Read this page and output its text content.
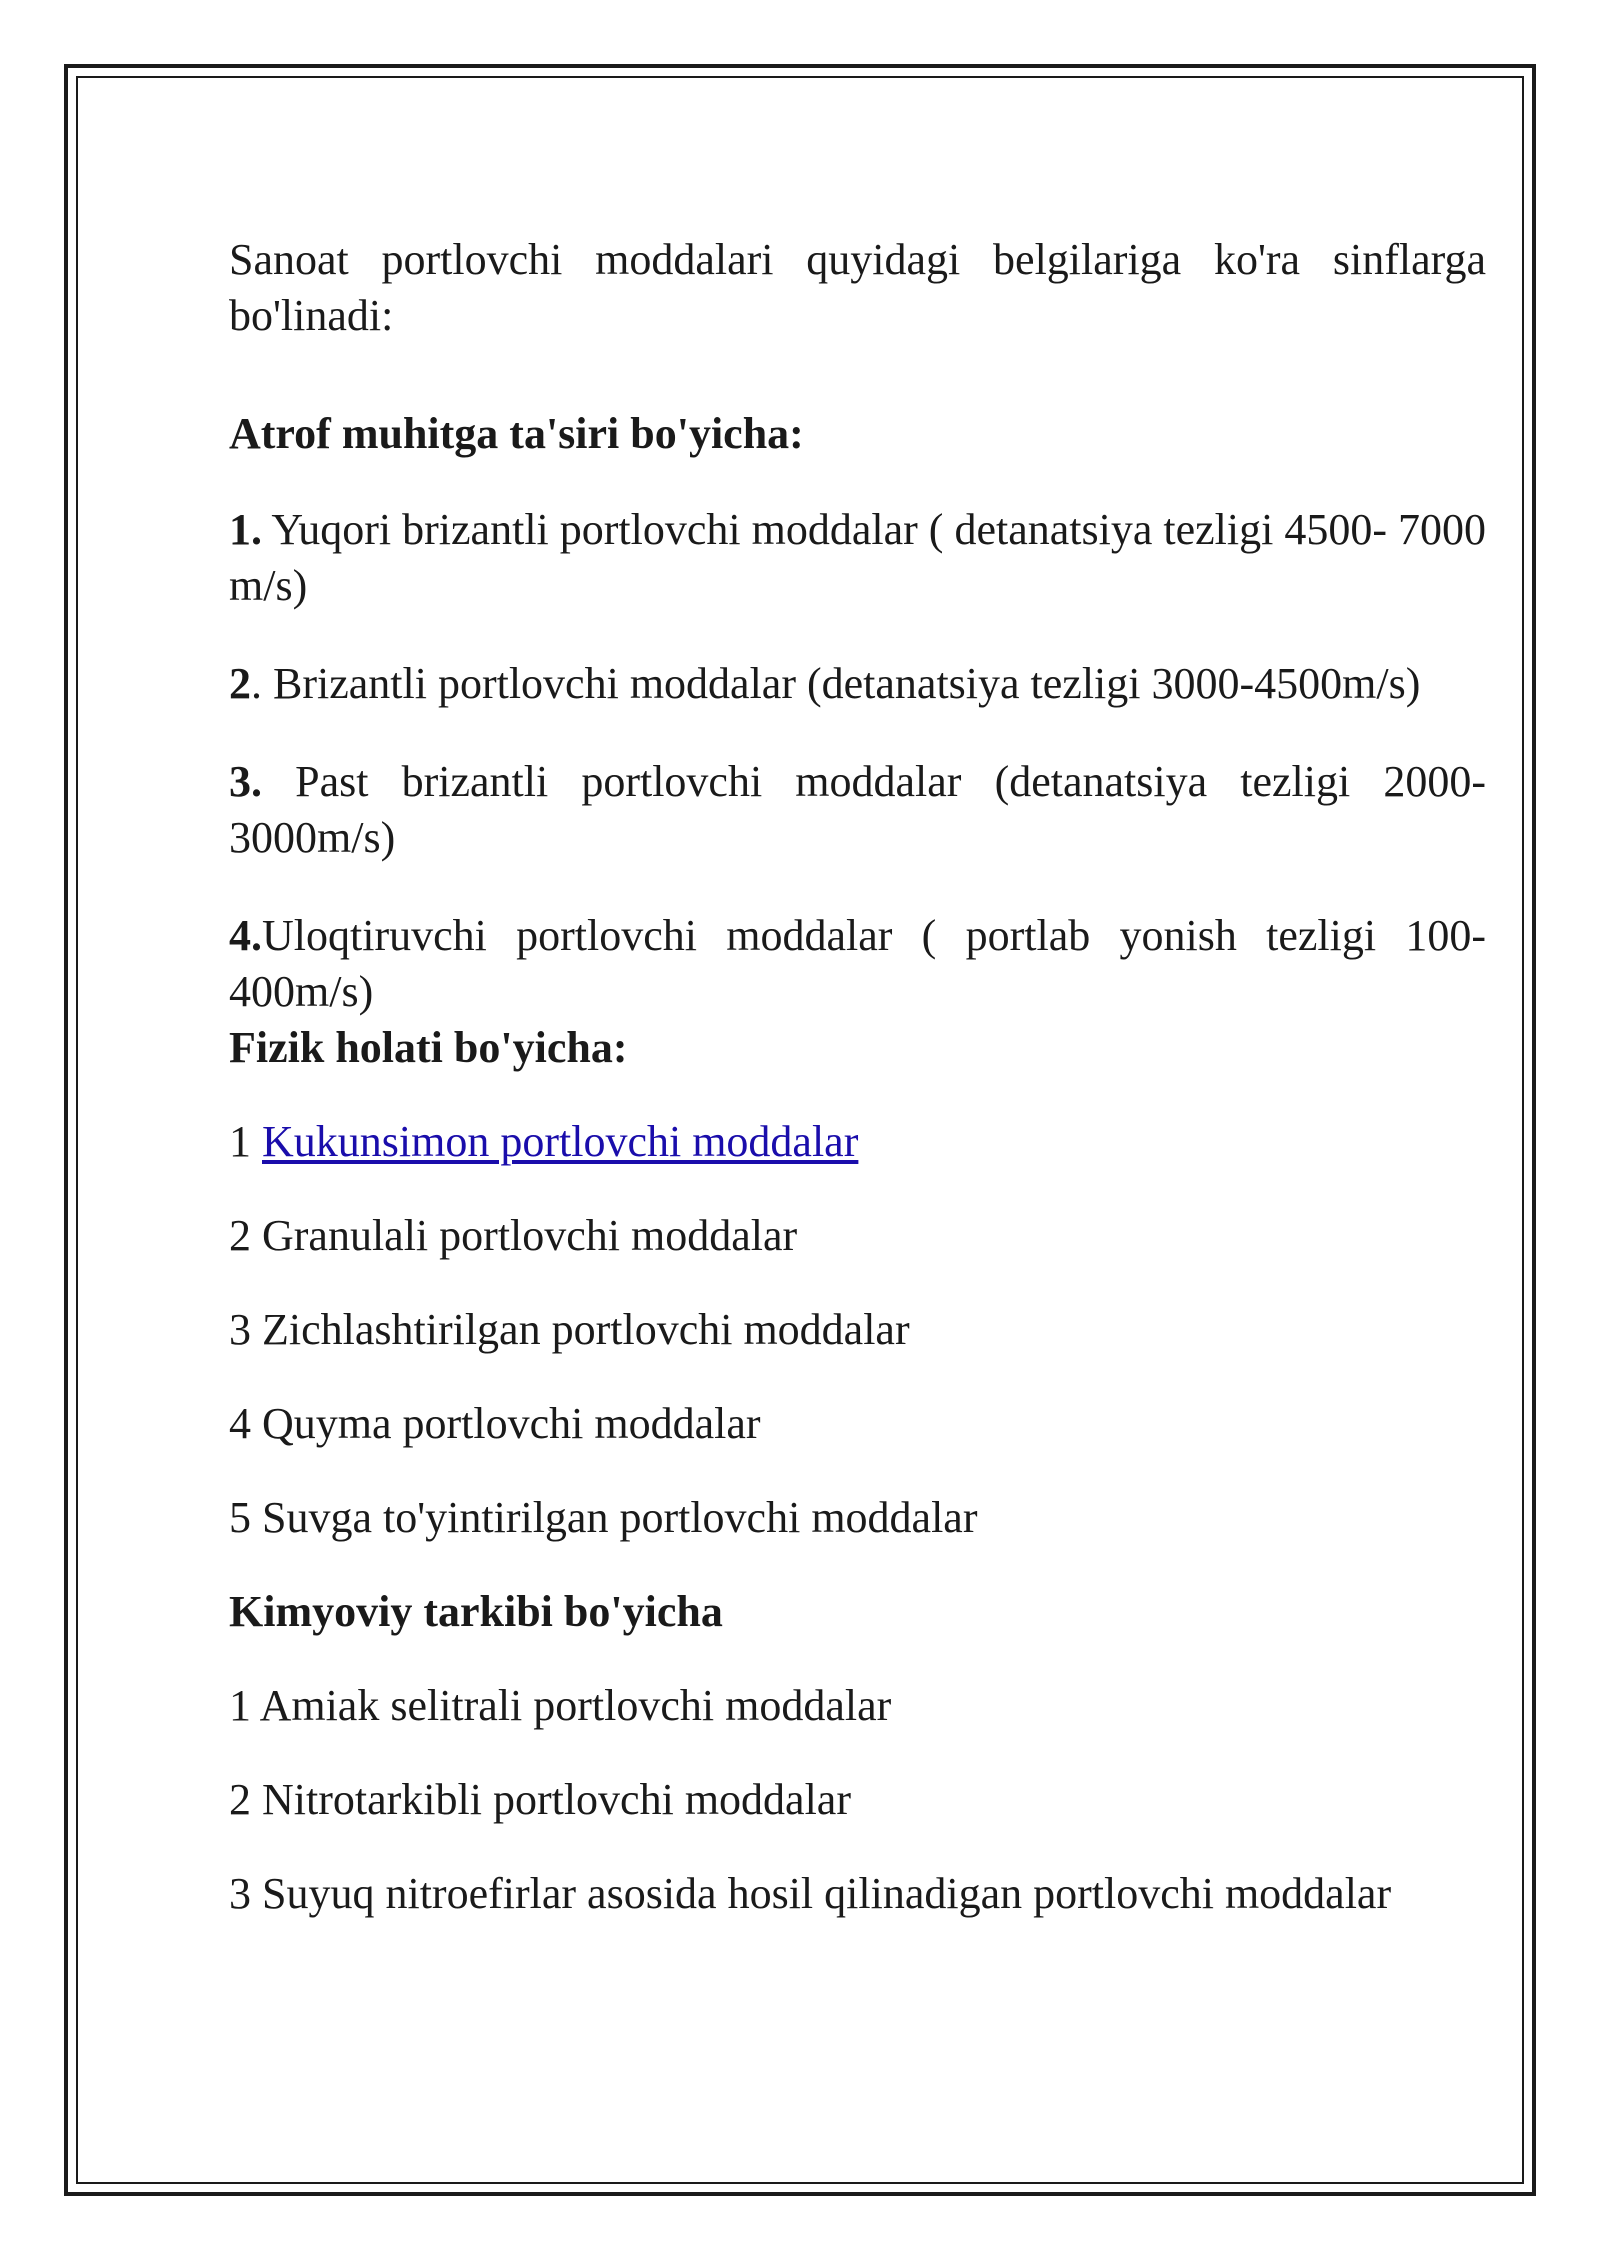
Sanoat portlovchi moddalari quyidagi belgilariga ko'ra sinflarga bo'linadi:

Atrof muhitga ta'siri bo'yicha:

1. Yuqori brizantli portlovchi moddalar ( detanatsiya tezligi 4500- 7000 m/s)

2. Brizantli portlovchi moddalar (detanatsiya tezligi 3000-4500m/s)

3. Past brizantli portlovchi moddalar (detanatsiya tezligi 2000-3000m/s)

4.Uloqtiruvchi portlovchi moddalar ( portlab yonish tezligi 100-400m/s)

Fizik holati bo'yicha:

1 Kukunsimon portlovchi moddalar

2 Granulali portlovchi moddalar

3 Zichlashtirilgan portlovchi moddalar

4 Quyma portlovchi moddalar

5 Suvga to'yintirilgan portlovchi moddalar

Kimyoviy tarkibi bo'yicha

1 Amiak selitrali portlovchi moddalar

2 Nitrotarkibli portlovchi moddalar

3 Suyuq nitroefirlar asosida hosil qilinadigan portlovchi moddalar
